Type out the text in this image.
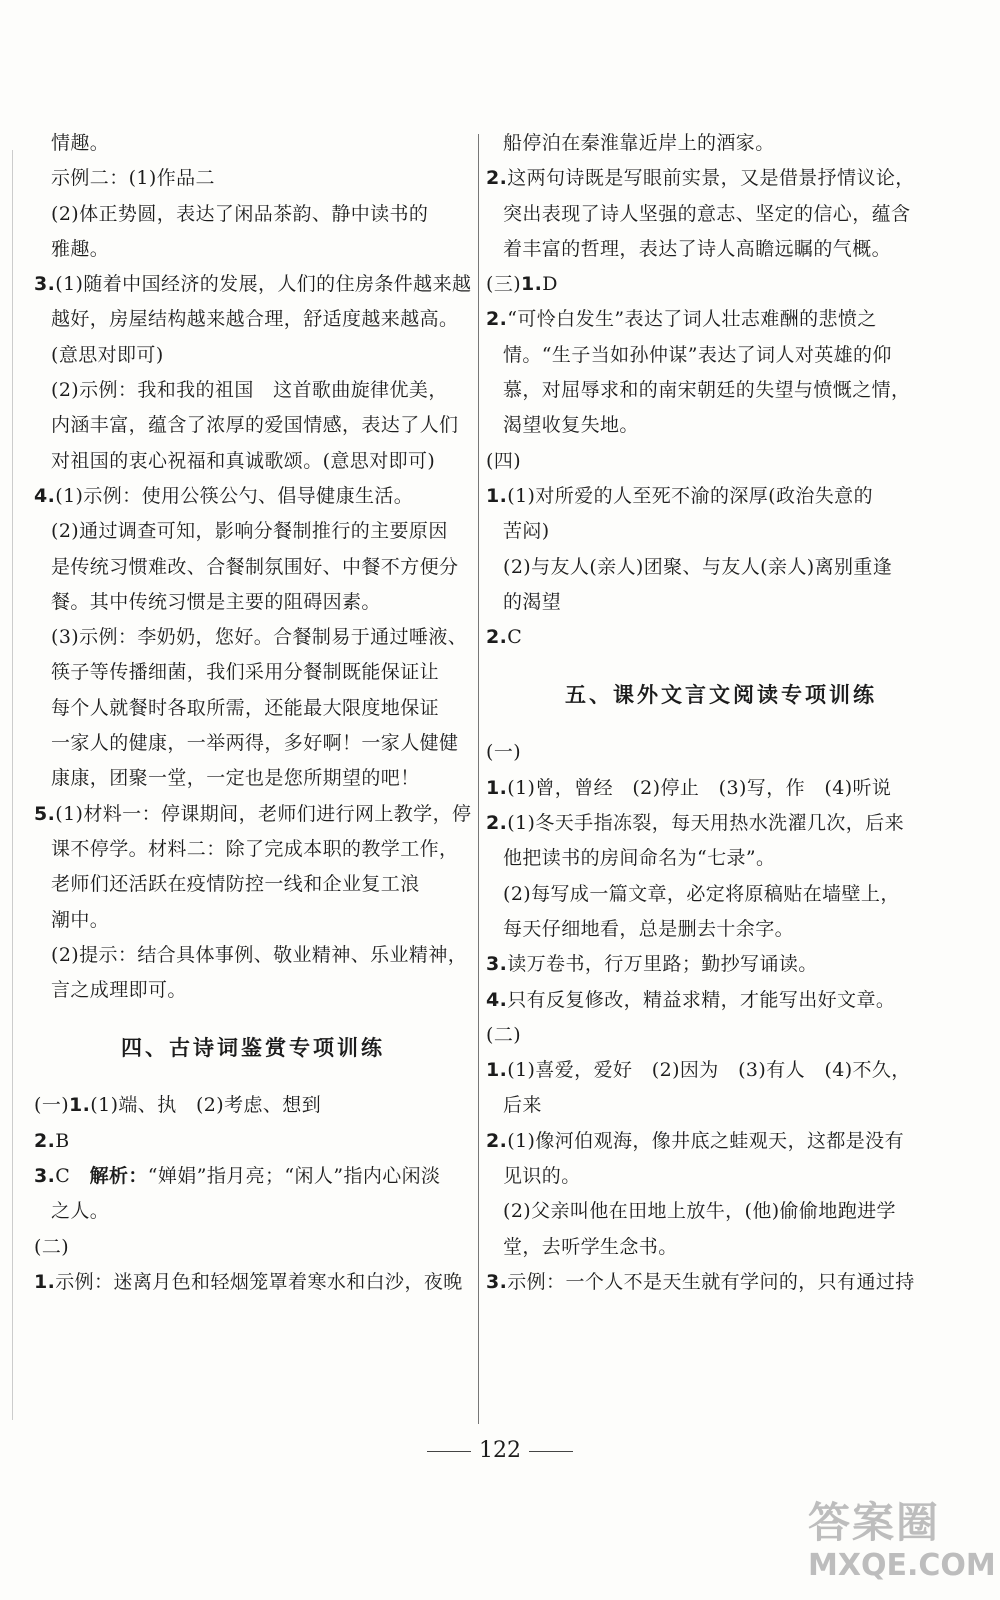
情趣。
示例二：(1)作品二
(2)体正势圆，表达了闲品茶韵、静中读书的
雅趣。
3.(1)随着中国经济的发展，人们的住房条件越来越
越好，房屋结构越来越合理，舒适度越来越高。
(意思对即可)
(2)示例：我和我的祖国　这首歌曲旋律优美，
内涵丰富，蕴含了浓厚的爱国情感，表达了人们
对祖国的衷心祝福和真诚歌颂。(意思对即可)
4.(1)示例：使用公筷公勺、倡导健康生活。
(2)通过调查可知，影响分餐制推行的主要原因
是传统习惯难改、合餐制氛围好、中餐不方便分
餐。其中传统习惯是主要的阻碍因素。
(3)示例：李奶奶，您好。合餐制易于通过唾液、
筷子等传播细菌，我们采用分餐制既能保证让
每个人就餐时各取所需，还能最大限度地保证
一家人的健康，一举两得，多好啊！一家人健健
康康，团聚一堂，一定也是您所期望的吧！
5.(1)材料一：停课期间，老师们进行网上教学，停
课不停学。材料二：除了完成本职的教学工作，
老师们还活跃在疫情防控一线和企业复工浪
潮中。
(2)提示：结合具体事例、敬业精神、乐业精神，
言之成理即可。
四、古诗词鉴赏专项训练
(一)1.(1)端、执　(2)考虑、想到
2.B
3.C　解析：“婵娟”指月亮；“闲人”指内心闲淡
之人。
(二)
1.示例：迷离月色和轻烟笼罩着寒水和白沙，夜晚
船停泊在秦淮靠近岸上的酒家。
2.这两句诗既是写眼前实景，又是借景抒情议论，
突出表现了诗人坚强的意志、坚定的信心，蕴含
着丰富的哲理，表达了诗人高瞻远瞩的气概。
(三)1.D
2.“可怜白发生”表达了词人壮志难酬的悲愤之
情。“生子当如孙仲谋”表达了词人对英雄的仰
慕，对屈辱求和的南宋朝廷的失望与愤慨之情，
渴望收复失地。
(四)
1.(1)对所爱的人至死不渝的深厚(政治失意的
苦闷)
(2)与友人(亲人)团聚、与友人(亲人)离别重逢
的渴望
2.C
五、课外文言文阅读专项训练
(一)
1.(1)曾，曾经　(2)停止　(3)写，作　(4)听说
2.(1)冬天手指冻裂，每天用热水洗濯几次，后来
他把读书的房间命名为“七录”。
(2)每写成一篇文章，必定将原稿贴在墙壁上，
每天仔细地看，总是删去十余字。
3.读万卷书，行万里路；勤抄写诵读。
4.只有反复修改，精益求精，才能写出好文章。
(二)
1.(1)喜爱，爱好　(2)因为　(3)有人　(4)不久，
后来
2.(1)像河伯观海，像井底之蛙观天，这都是没有
见识的。
(2)父亲叫他在田地上放牛，(他)偷偷地跑进学
堂，去听学生念书。
3.示例：一个人不是天生就有学问的，只有通过持
122
答案圈
MXQE.COM
